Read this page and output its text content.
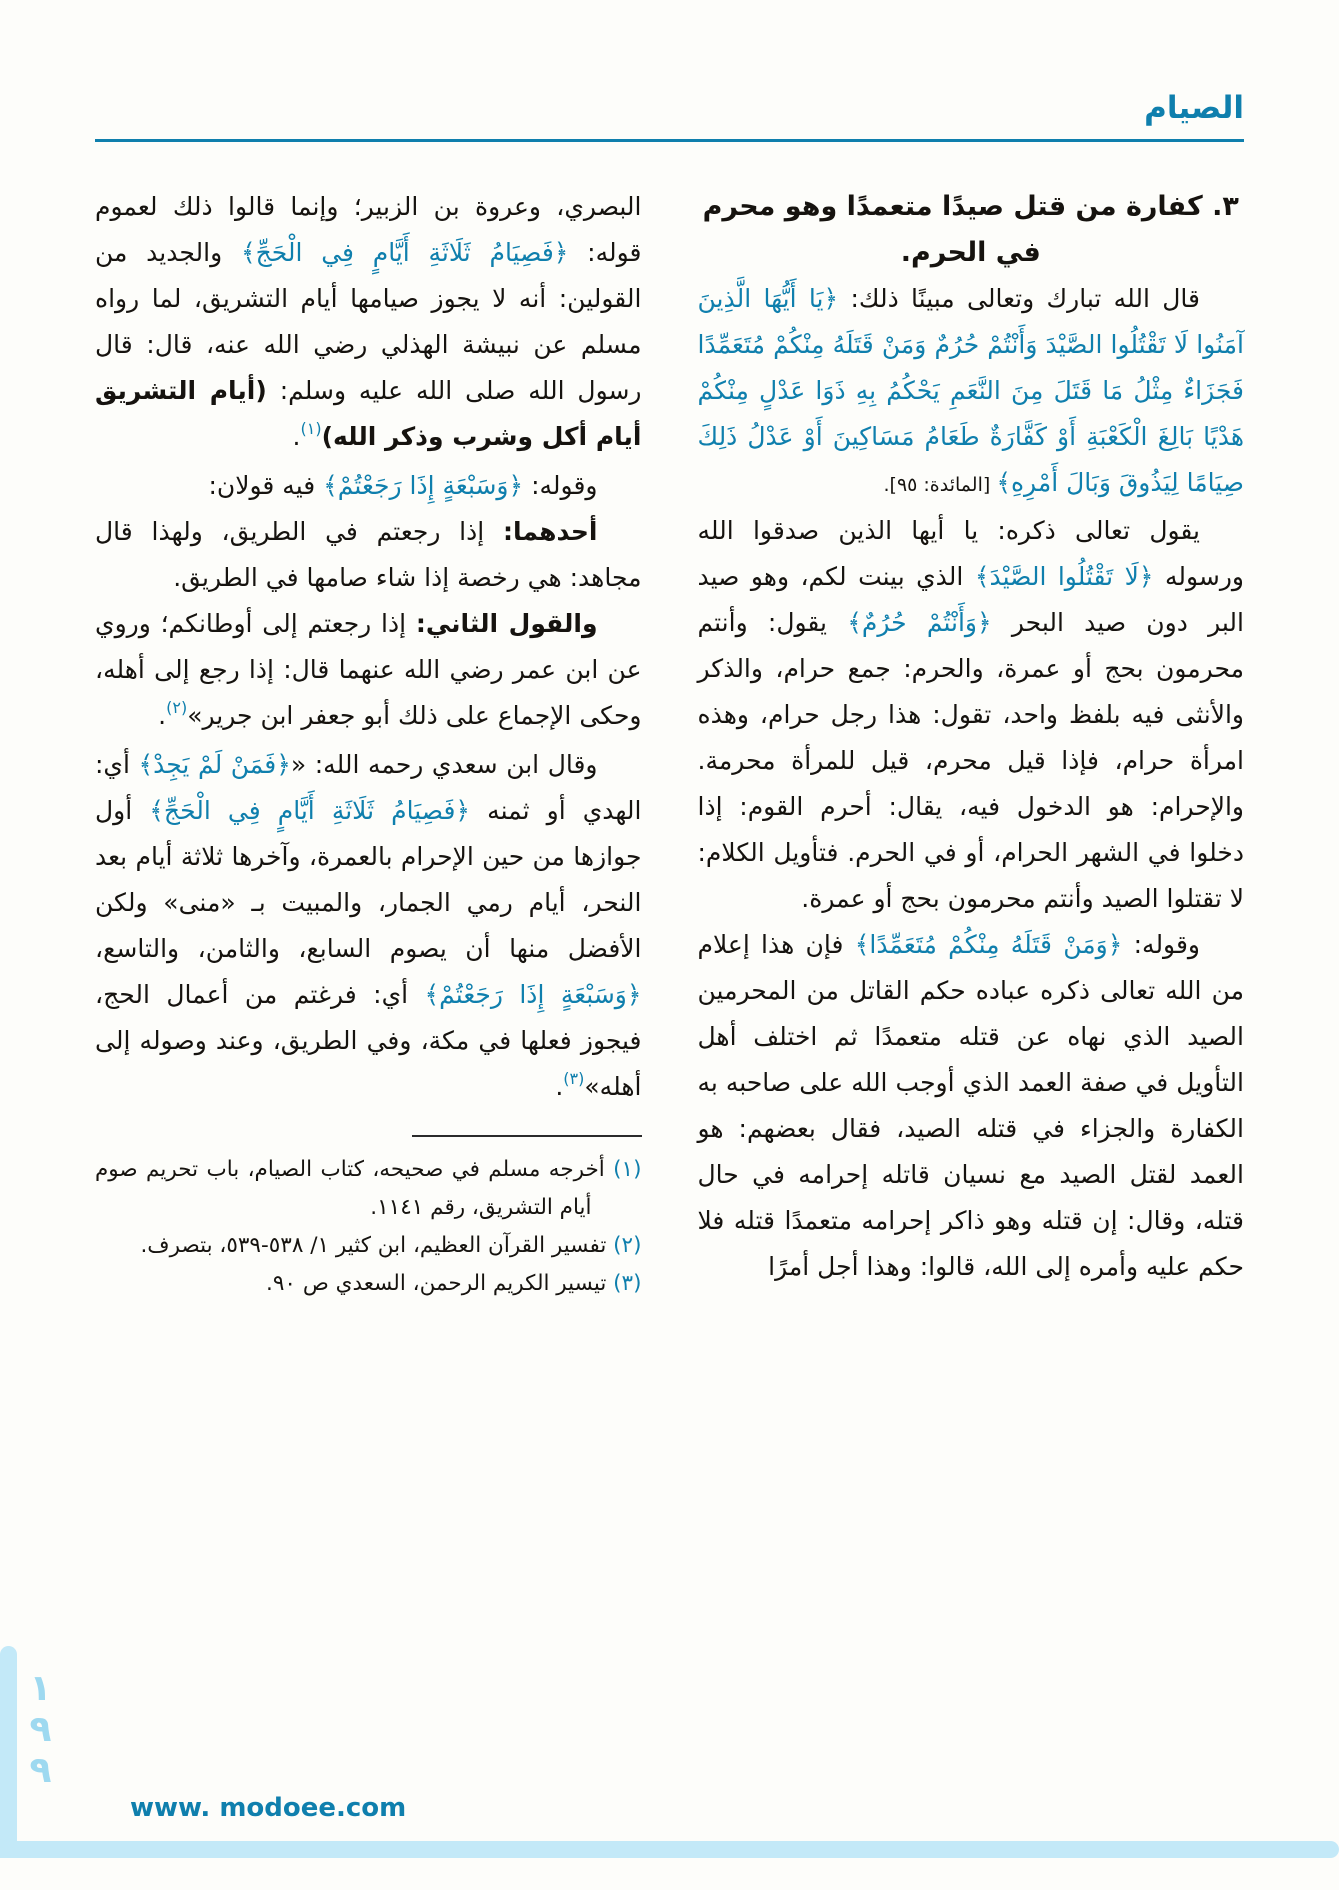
الصيام

٣. كفارة من قتل صيدًا متعمدًا وهو محرم في الحرم.

قال الله تبارك وتعالى مبينًا ذلك: ﴿يَا أَيُّهَا الَّذِينَ آمَنُوا لَا تَقْتُلُوا الصَّيْدَ وَأَنْتُمْ حُرُمٌ وَمَنْ قَتَلَهُ مِنْكُمْ مُتَعَمِّدًا فَجَزَاءٌ مِثْلُ مَا قَتَلَ مِنَ النَّعَمِ يَحْكُمُ بِهِ ذَوَا عَدْلٍ مِنْكُمْ هَدْيًا بَالِغَ الْكَعْبَةِ أَوْ كَفَّارَةٌ طَعَامُ مَسَاكِينَ أَوْ عَدْلُ ذَلِكَ صِيَامًا لِيَذُوقَ وَبَالَ أَمْرِهِ﴾ [المائدة: ٩٥].

يقول تعالى ذكره: يا أيها الذين صدقوا الله ورسوله ﴿لَا تَقْتُلُوا الصَّيْدَ﴾ الذي بينت لكم، وهو صيد البر دون صيد البحر ﴿وَأَنْتُمْ حُرُمٌ﴾ يقول: وأنتم محرمون بحج أو عمرة، والحرم: جمع حرام، والذكر والأنثى فيه بلفظ واحد، تقول: هذا رجل حرام، وهذه امرأة حرام، فإذا قيل محرم، قيل للمرأة محرمة. والإحرام: هو الدخول فيه، يقال: أحرم القوم: إذا دخلوا في الشهر الحرام، أو في الحرم. فتأويل الكلام: لا تقتلوا الصيد وأنتم محرمون بحج أو عمرة.

وقوله: ﴿وَمَنْ قَتَلَهُ مِنْكُمْ مُتَعَمِّدًا﴾ فإن هذا إعلام من الله تعالى ذكره عباده حكم القاتل من المحرمين الصيد الذي نهاه عن قتله متعمدًا ثم اختلف أهل التأويل في صفة العمد الذي أوجب الله على صاحبه به الكفارة والجزاء في قتله الصيد، فقال بعضهم: هو العمد لقتل الصيد مع نسيان قاتله إحرامه في حال قتله، وقال: إن قتله وهو ذاكر إحرامه متعمدًا قتله فلا حكم عليه وأمره إلى الله، قالوا: وهذا أجل أمرًا

البصري، وعروة بن الزبير؛ وإنما قالوا ذلك لعموم قوله: ﴿فَصِيَامُ ثَلَاثَةِ أَيَّامٍ فِي الْحَجِّ﴾ والجديد من القولين: أنه لا يجوز صيامها أيام التشريق، لما رواه مسلم عن نبيشة الهذلي رضي الله عنه، قال: قال رسول الله صلى الله عليه وسلم: (أيام التشريق أيام أكل وشرب وذكر الله)$^{(١)}$.

وقوله: ﴿وَسَبْعَةٍ إِذَا رَجَعْتُمْ﴾ فيه قولان:

أحدهما: إذا رجعتم في الطريق، ولهذا قال مجاهد: هي رخصة إذا شاء صامها في الطريق.

والقول الثاني: إذا رجعتم إلى أوطانكم؛ وروي عن ابن عمر رضي الله عنهما قال: إذا رجع إلى أهله، وحكى الإجماع على ذلك أبو جعفر ابن جرير»$^{(٢)}$.

وقال ابن سعدي رحمه الله: «﴿فَمَنْ لَمْ يَجِدْ﴾ أي: الهدي أو ثمنه ﴿فَصِيَامُ ثَلَاثَةِ أَيَّامٍ فِي الْحَجِّ﴾ أول جوازها من حين الإحرام بالعمرة، وآخرها ثلاثة أيام بعد النحر، أيام رمي الجمار، والمبيت بـ «منى» ولكن الأفضل منها أن يصوم السابع، والثامن، والتاسع، ﴿وَسَبْعَةٍ إِذَا رَجَعْتُمْ﴾ أي: فرغتم من أعمال الحج، فيجوز فعلها في مكة، وفي الطريق، وعند وصوله إلى أهله»$^{(٣)}$.

(١) أخرجه مسلم في صحيحه، كتاب الصيام، باب تحريم صوم أيام التشريق، رقم ١١٤١.

(٢) تفسير القرآن العظيم، ابن كثير ١/ ٥٣٨-٥٣٩، بتصرف.

(٣) تيسير الكريم الرحمن، السعدي ص ٩٠.

١٩٩
www. modoee.com
